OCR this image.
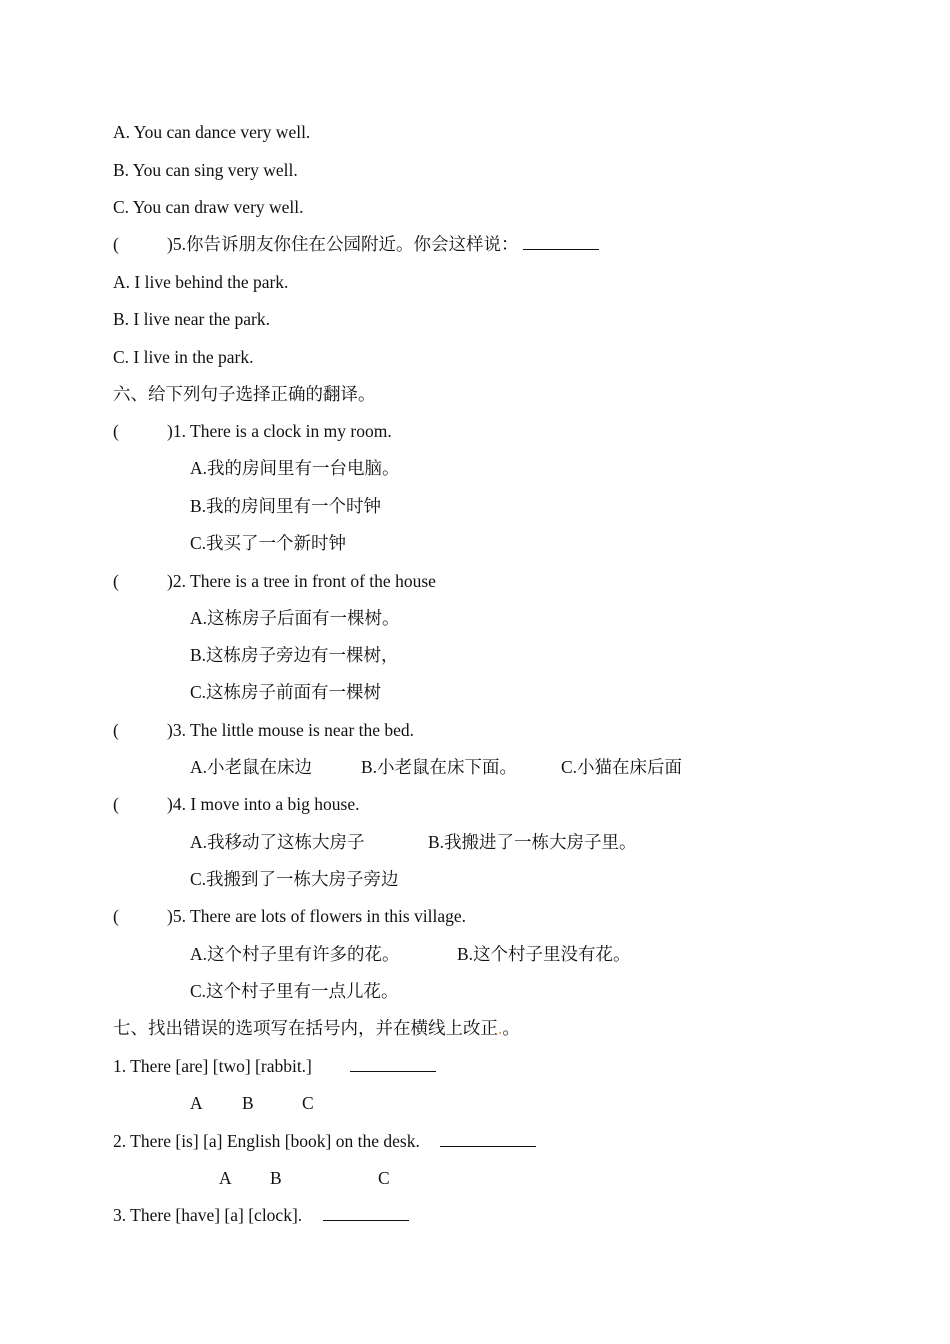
A. You can dance very well.
B. You can sing very well.
C. You can draw very well.
(	)5.你告诉朋友你住在公园附近。你会这样说：
A. I live behind the park.
B. I live near the park.
C. I live in the park.
六、给下列句子选择正确的翻译。
(	)1. There is a clock in my room.
A.我的房间里有一台电脑。
B.我的房间里有一个时钟
C.我买了一个新时钟
(	)2. There is a tree in front of the house
A.这栋房子后面有一棵树。
B.这栋房子旁边有一棵树，
C.这栋房子前面有一棵树
(	)3. The little mouse is near the bed.
A.小老鼠在床边	B.小老鼠在床下面。	C.小猫在床后面
(	)4. I move into a big house.
A.我移动了这栋大房子	B.我搬进了一栋大房子里。
C.我搬到了一栋大房子旁边
(	)5. There are lots of flowers in this village.
A.这个村子里有许多的花。	B.这个村子里没有花。
C.这个村子里有一点儿花。
七、找出错误的选项写在括号内，并在横线上改正.。
1. There [are] [two] [rabbit.]
A B	C
2. There [is] [a] English [book] on the desk.
A B	C
3. There [have] [a] [clock].
